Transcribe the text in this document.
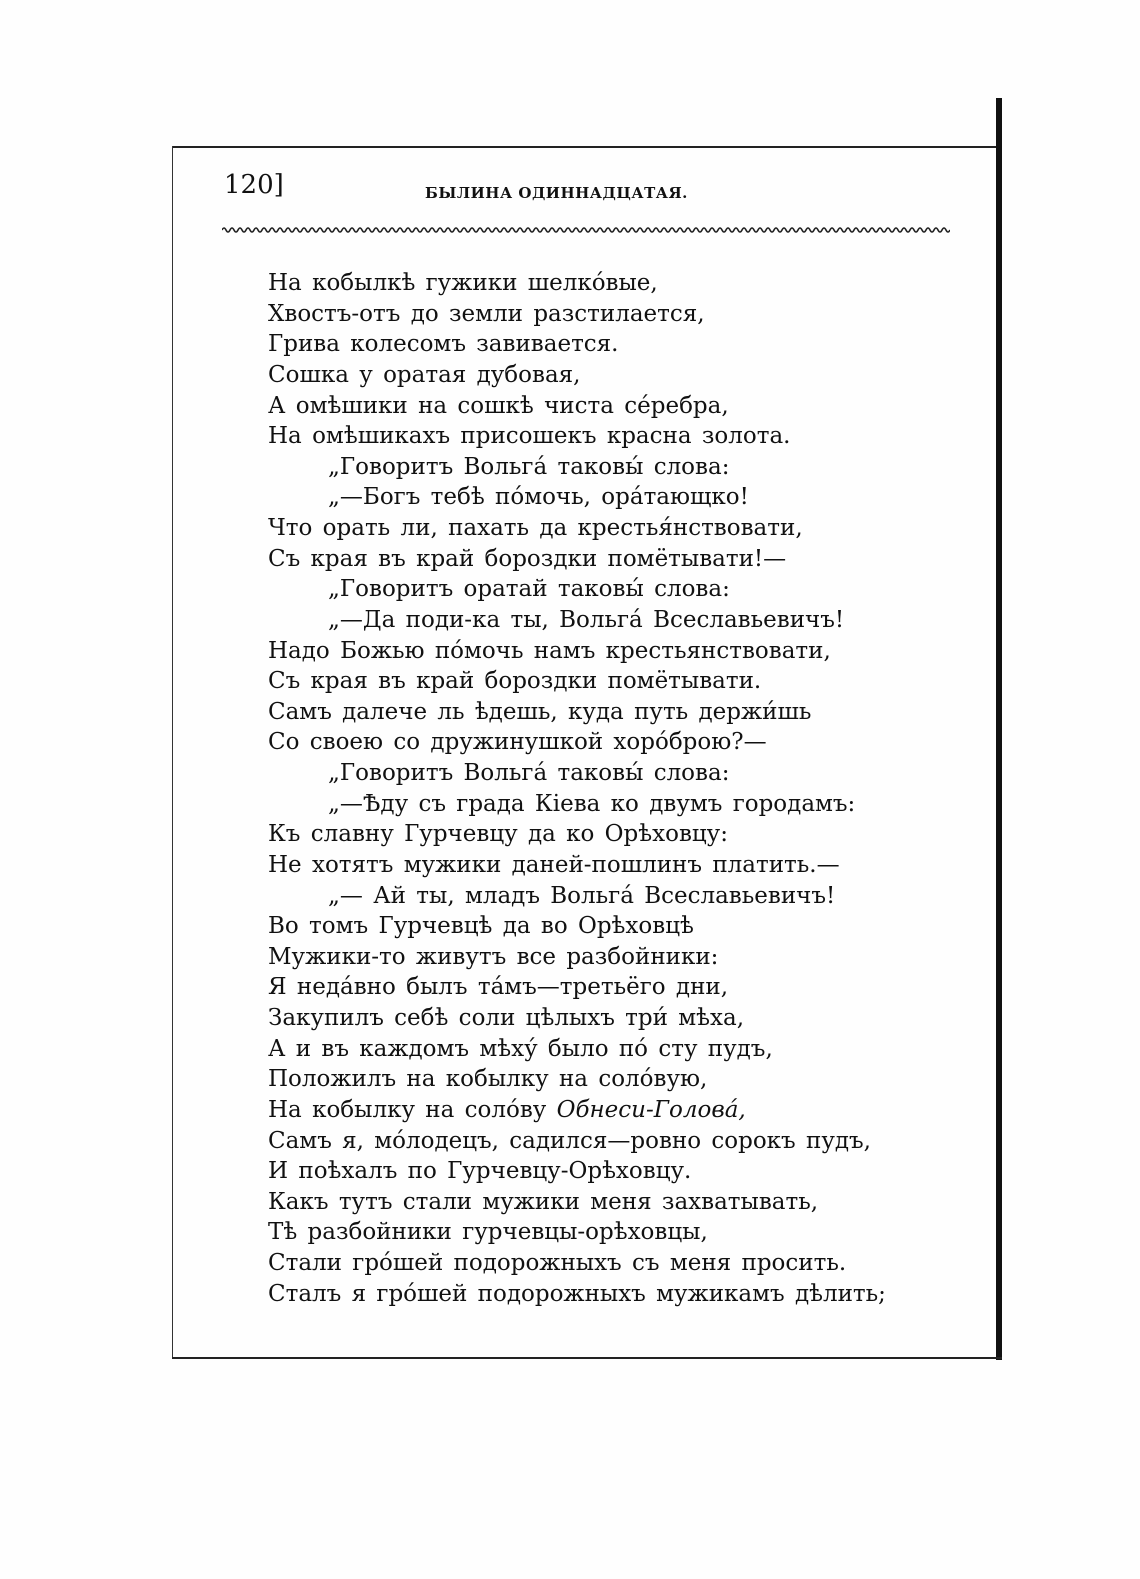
120]	БЫЛИНА ОДИННАДЦАТАЯ.
На кобылкѣ гужики шелко́вые,
Хвостъ-отъ до земли разстилается,
Грива колесомъ завивается.
Сошка у оратая дубовая,
А омѣшики на сошкѣ чиста се́ребра,
На омѣшикахъ присошекъ красна золота.
„Говоритъ Вольга́ таковы́ слова:
„—Богъ тебѣ по́мочь, ора́тающко!
Что орать ли, пахать да крестья́нствовати,
Съ края въ край бороздки помётывати!—
„Говоритъ оратай таковы́ слова:
„—Да поди-ка ты, Вольга́ Всеславьевичъ!
Надо Божью по́мочь намъ крестьянствовати,
Съ края въ край бороздки помётывати.
Самъ далече ль ѣдешь, куда путь держи́шь
Со своею со дружинушкой хоро́брою?—
„Говоритъ Вольга́ таковы́ слова:
„—Ѣду съ града Кіева ко двумъ городамъ:
Къ славну Гурчевцу да ко Орѣховцу:
Не хотятъ мужики даней-пошлинъ платить.—
„— Ай ты, младъ Вольга́ Всеславьевичъ!
Во томъ Гурчевцѣ да во Орѣховцѣ
Мужики-то живутъ все разбойники:
Я неда́вно былъ та́мъ—третьёго дни,
Закупилъ себѣ соли цѣлыхъ три́ мѣха,
А и въ каждомъ мѣху́ было по́ сту пудъ,
Положилъ на кобылку на соло́вую,
На кобылку на соло́ву Обнеси-Голова́,
Самъ я, мо́лодецъ, садился—ровно сорокъ пудъ,
И поѣхалъ по Гурчевцу-Орѣховцу.
Какъ тутъ стали мужики меня захватывать,
Тѣ разбойники гурчевцы-орѣховцы,
Стали гро́шей подорожныхъ съ меня просить.
Сталъ я гро́шей подорожныхъ мужикамъ дѣлить;
